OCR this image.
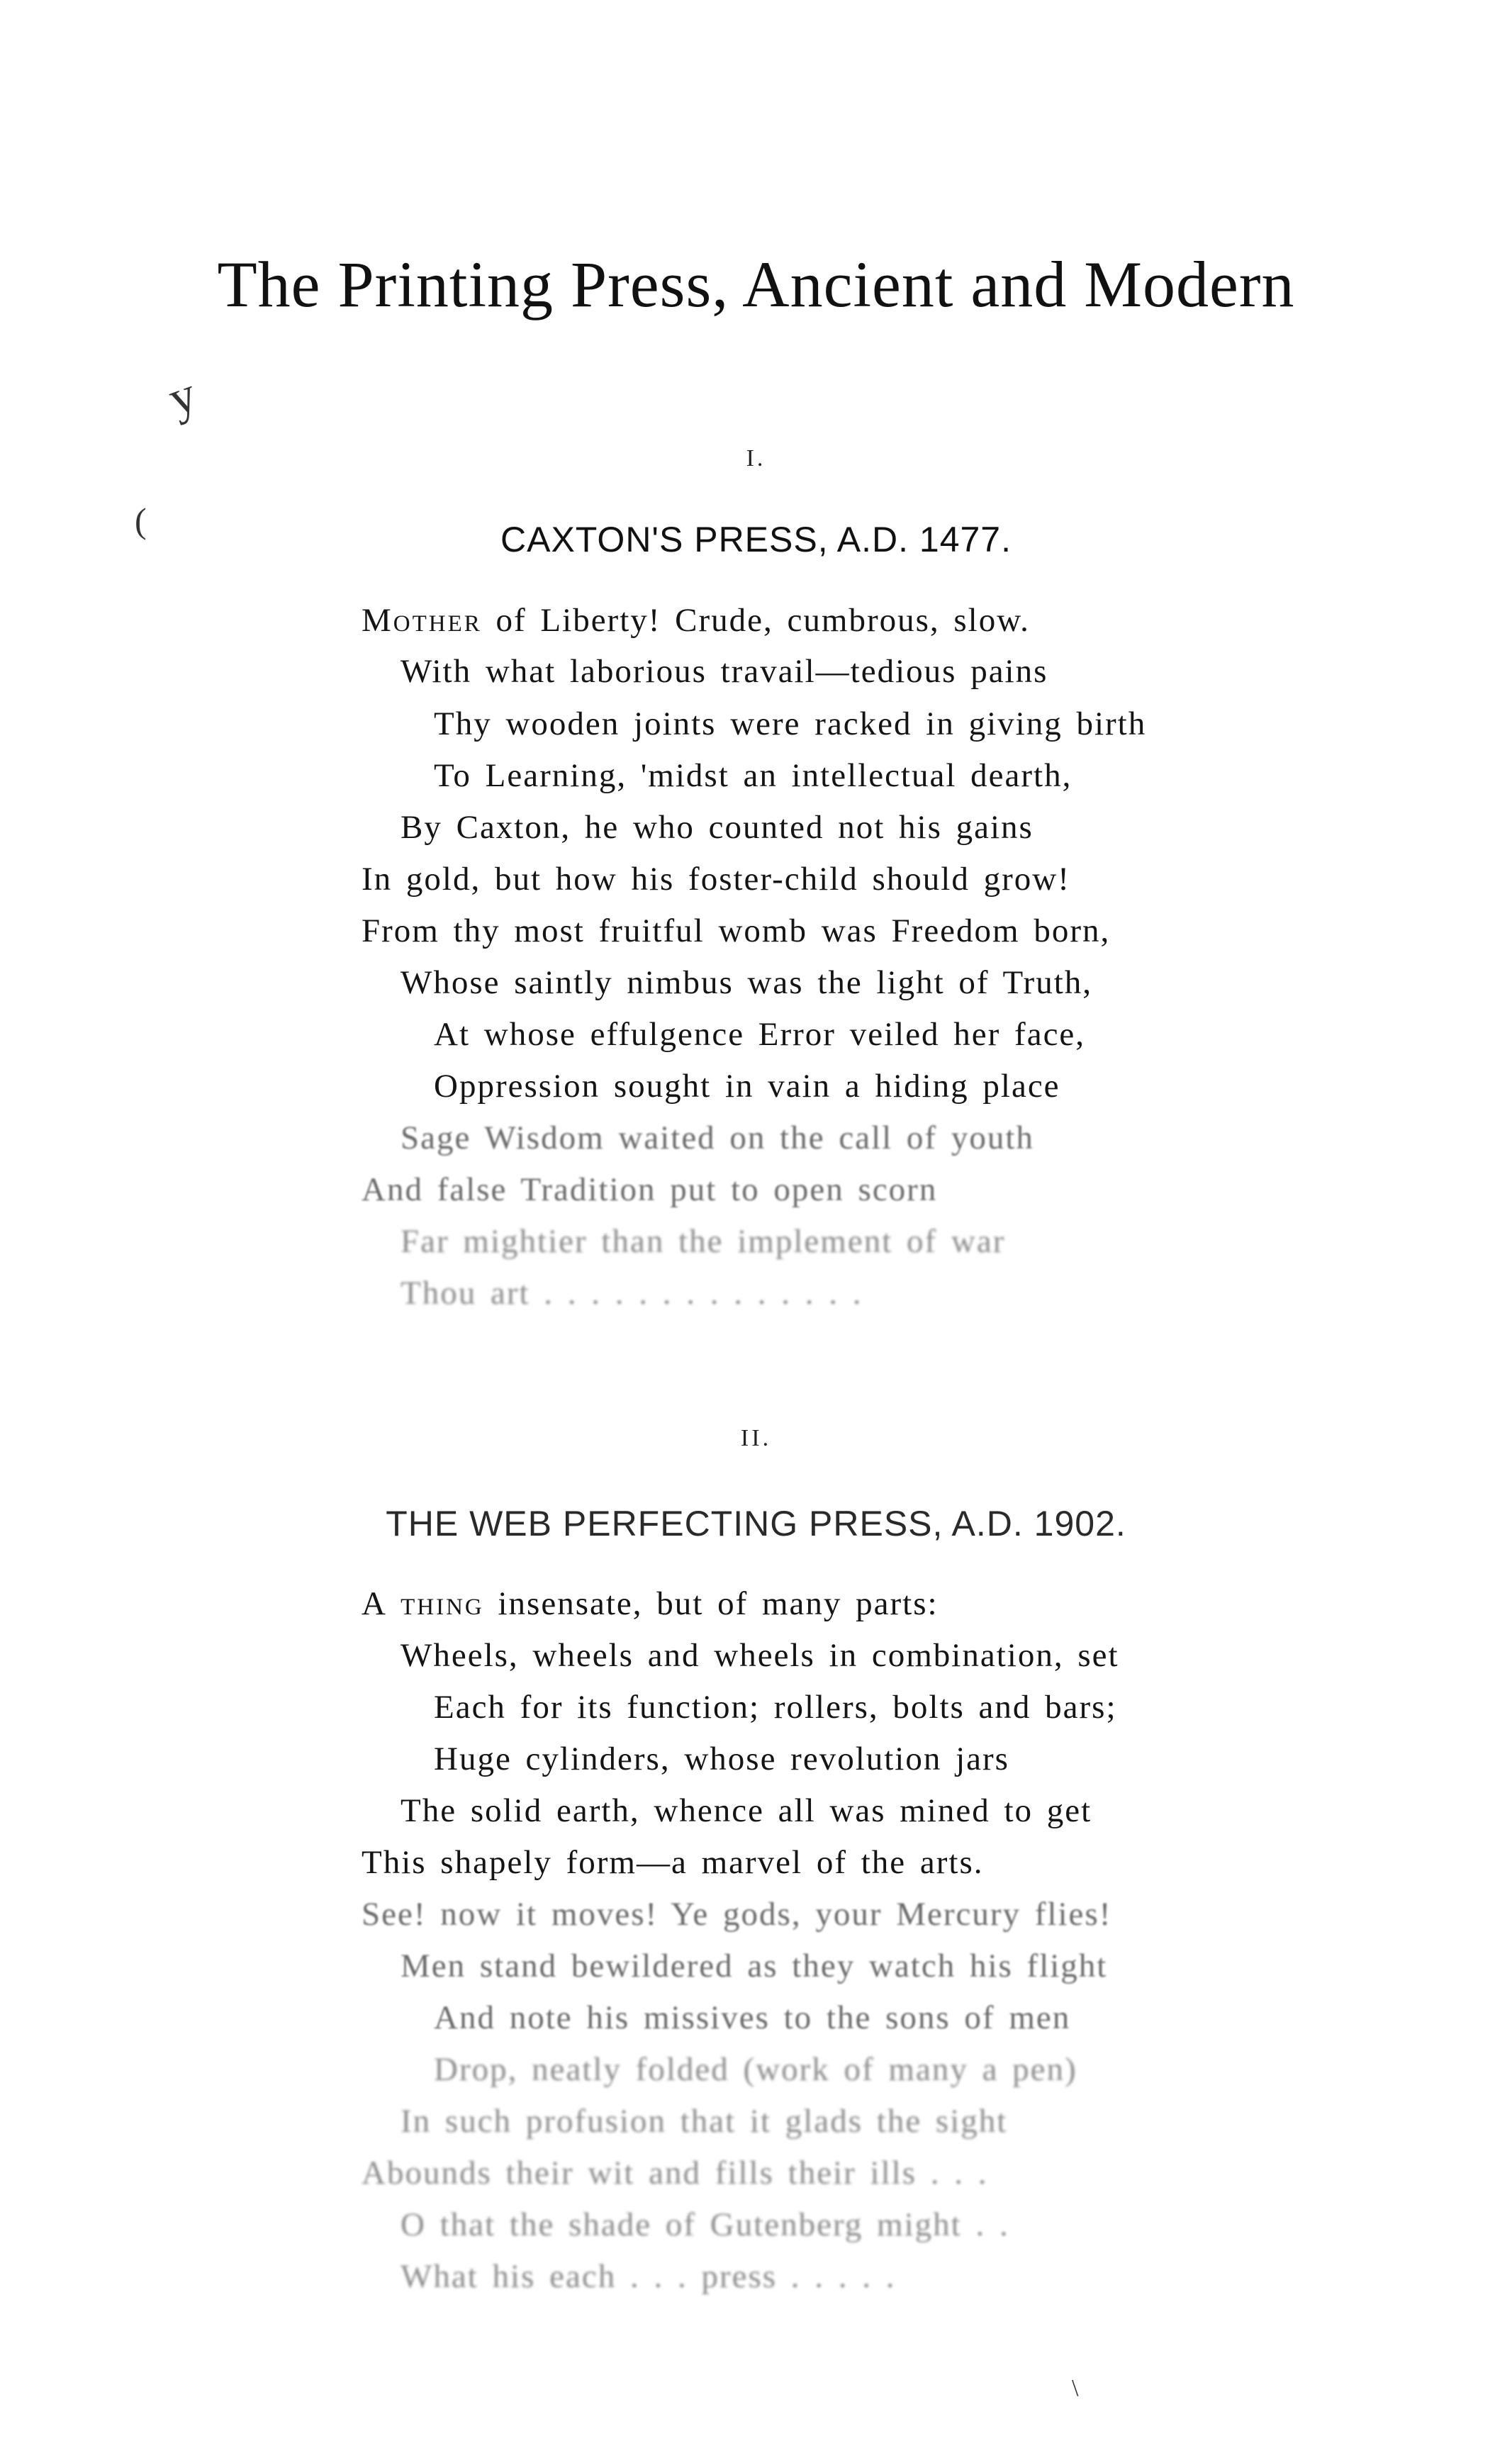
The Printing Press, Ancient and Modern
y
(
\
I.
CAXTON'S PRESS, A.D. 1477.
Mother of Liberty! Crude, cumbrous, slow.
With what laborious travail—tedious pains
Thy wooden joints were racked in giving birth
To Learning, 'midst an intellectual dearth,
By Caxton, he who counted not his gains
In gold, but how his foster-child should grow!
From thy most fruitful womb was Freedom born,
Whose saintly nimbus was the light of Truth,
At whose effulgence Error veiled her face,
Oppression sought in vain a hiding place
Sage Wisdom waited on the call of youth
And false Tradition put to open scorn
Far mightier than the implement of war
Thou art . . . . . . . . . . . . . .
II.
THE WEB PERFECTING PRESS, A.D. 1902.
A thing insensate, but of many parts:
Wheels, wheels and wheels in combination, set
Each for its function; rollers, bolts and bars;
Huge cylinders, whose revolution jars
The solid earth, whence all was mined to get
This shapely form—a marvel of the arts.
See! now it moves! Ye gods, your Mercury flies!
Men stand bewildered as they watch his flight
And note his missives to the sons of men
Drop, neatly folded (work of many a pen)
In such profusion that it glads the sight
Abounds their wit and fills their ills . . .
O that the shade of Gutenberg might . .
What his each . . . press . . . . .
